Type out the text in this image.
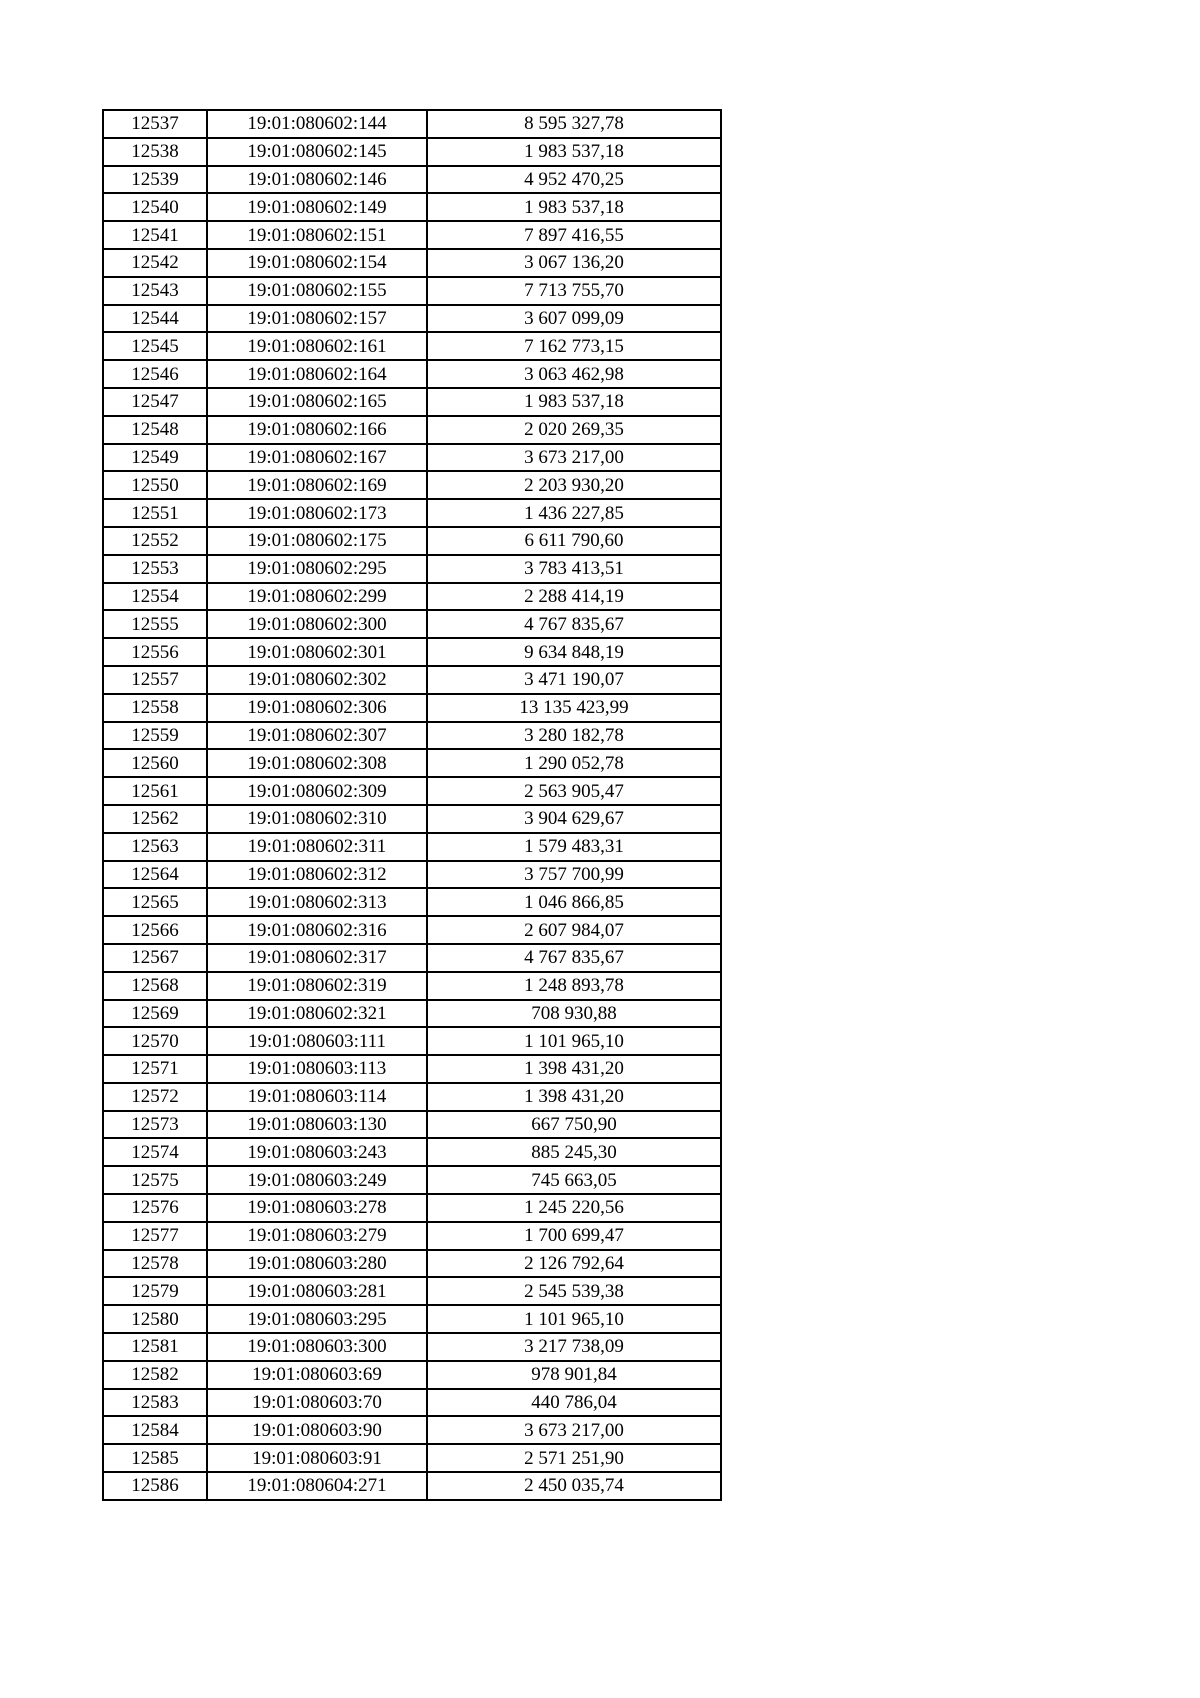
12537	19:01:080602:144	8 595 327,78
12538	19:01:080602:145	1 983 537,18
12539	19:01:080602:146	4 952 470,25
12540	19:01:080602:149	1 983 537,18
12541	19:01:080602:151	7 897 416,55
12542	19:01:080602:154	3 067 136,20
12543	19:01:080602:155	7 713 755,70
12544	19:01:080602:157	3 607 099,09
12545	19:01:080602:161	7 162 773,15
12546	19:01:080602:164	3 063 462,98
12547	19:01:080602:165	1 983 537,18
12548	19:01:080602:166	2 020 269,35
12549	19:01:080602:167	3 673 217,00
12550	19:01:080602:169	2 203 930,20
12551	19:01:080602:173	1 436 227,85
12552	19:01:080602:175	6 611 790,60
12553	19:01:080602:295	3 783 413,51
12554	19:01:080602:299	2 288 414,19
12555	19:01:080602:300	4 767 835,67
12556	19:01:080602:301	9 634 848,19
12557	19:01:080602:302	3 471 190,07
12558	19:01:080602:306	13 135 423,99
12559	19:01:080602:307	3 280 182,78
12560	19:01:080602:308	1 290 052,78
12561	19:01:080602:309	2 563 905,47
12562	19:01:080602:310	3 904 629,67
12563	19:01:080602:311	1 579 483,31
12564	19:01:080602:312	3 757 700,99
12565	19:01:080602:313	1 046 866,85
12566	19:01:080602:316	2 607 984,07
12567	19:01:080602:317	4 767 835,67
12568	19:01:080602:319	1 248 893,78
12569	19:01:080602:321	708 930,88
12570	19:01:080603:111	1 101 965,10
12571	19:01:080603:113	1 398 431,20
12572	19:01:080603:114	1 398 431,20
12573	19:01:080603:130	667 750,90
12574	19:01:080603:243	885 245,30
12575	19:01:080603:249	745 663,05
12576	19:01:080603:278	1 245 220,56
12577	19:01:080603:279	1 700 699,47
12578	19:01:080603:280	2 126 792,64
12579	19:01:080603:281	2 545 539,38
12580	19:01:080603:295	1 101 965,10
12581	19:01:080603:300	3 217 738,09
12582	19:01:080603:69	978 901,84
12583	19:01:080603:70	440 786,04
12584	19:01:080603:90	3 673 217,00
12585	19:01:080603:91	2 571 251,90
12586	19:01:080604:271	2 450 035,74
